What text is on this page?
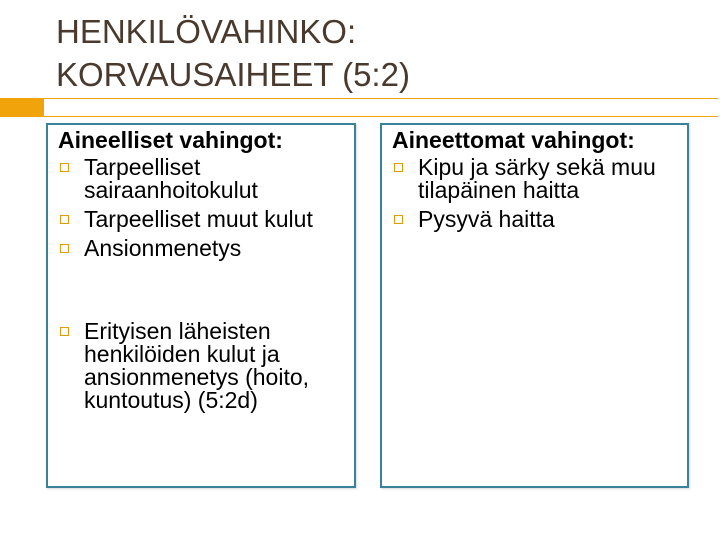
HENKILÖVAHINKO:
KORVAUSAIHEET (5:2)

Aineelliset vahingot:

Tarpeelliset sairaanhoitokulut
Tarpeelliset muut kulut
Ansionmenetys
Erityisen läheisten henkilöiden kulut ja ansionmenetys (hoito, kuntoutus) (5:2d)

Aineettomat vahingot:

Kipu ja särky sekä muu tilapäinen haitta
Pysyvä haitta
